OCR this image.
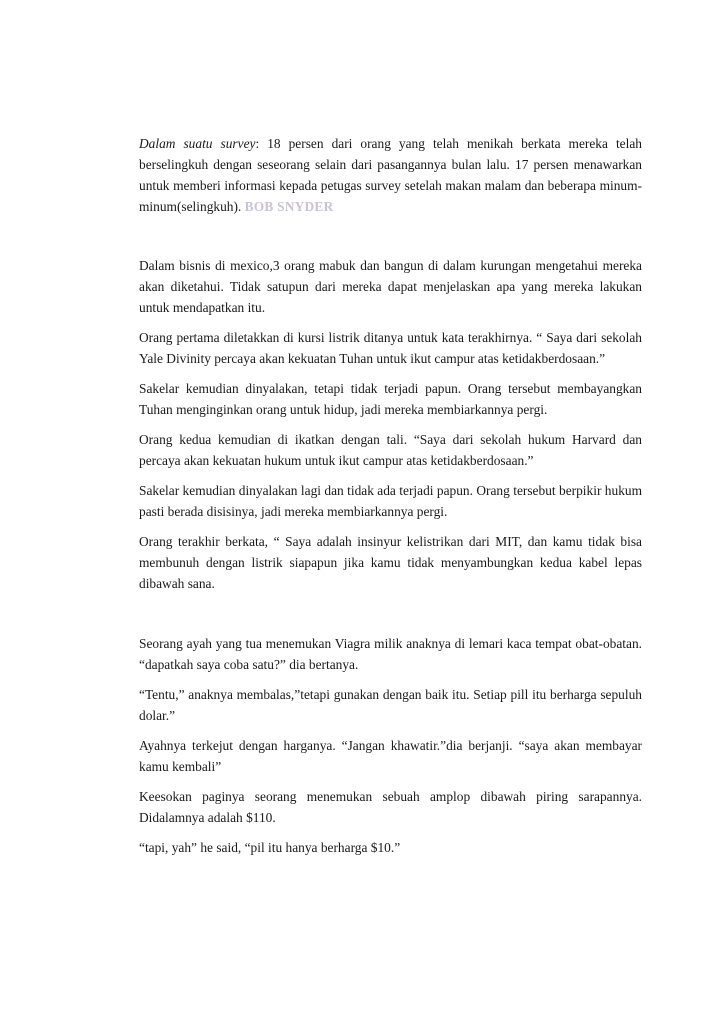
Dalam suatu survey: 18 persen dari orang yang telah menikah berkata mereka telah berselingkuh dengan seseorang selain dari pasangannya bulan lalu. 17 persen menawarkan untuk memberi informasi kepada petugas survey setelah makan malam dan beberapa minum-minum(selingkuh). BOB SNYDER

Dalam bisnis di mexico,3 orang mabuk dan bangun di dalam kurungan mengetahui mereka akan diketahui. Tidak satupun dari mereka dapat menjelaskan apa yang mereka lakukan untuk mendapatkan itu.

Orang pertama diletakkan di kursi listrik ditanya untuk kata terakhirnya. “ Saya dari sekolah Yale Divinity percaya akan kekuatan Tuhan untuk ikut campur atas ketidakberdosaan.”

Sakelar kemudian dinyalakan, tetapi tidak terjadi papun. Orang tersebut membayangkan Tuhan menginginkan orang untuk hidup, jadi mereka membiarkannya pergi.

Orang kedua kemudian di ikatkan dengan tali. “Saya dari sekolah hukum Harvard dan percaya akan kekuatan hukum untuk ikut campur atas ketidakberdosaan.”

Sakelar kemudian dinyalakan lagi dan tidak ada terjadi papun. Orang tersebut berpikir hukum pasti berada disisinya, jadi mereka membiarkannya pergi.

Orang terakhir berkata, “ Saya adalah insinyur kelistrikan dari MIT, dan kamu tidak bisa membunuh dengan listrik siapapun jika kamu tidak menyambungkan kedua kabel lepas dibawah sana.

Seorang ayah yang tua menemukan Viagra milik anaknya di lemari kaca tempat obat-obatan. “dapatkah saya coba satu?” dia bertanya.

“Tentu,” anaknya membalas,”tetapi gunakan dengan baik itu. Setiap pill itu berharga sepuluh dolar.”

Ayahnya terkejut dengan harganya. “Jangan khawatir.”dia berjanji. “saya akan membayar kamu kembali”

Keesokan paginya seorang menemukan sebuah amplop dibawah piring sarapannya. Didalamnya adalah $110.

“tapi, yah” he said, “pil itu hanya berharga $10.”
